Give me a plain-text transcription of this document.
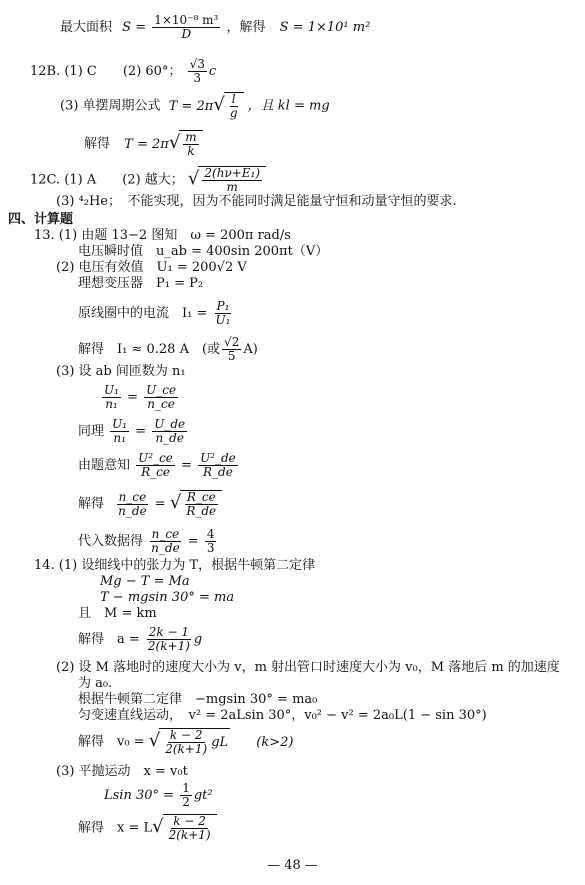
最大面积 $S = \frac{\text{1×10⁻⁸ m³}}{D}$ ，解得 S = 1×10¹ m²
12B. (1) C　　(2) 60°； $\frac{√3}{3}$ c
(3) 单摆周期公式 T = 2π √ $\frac{l}{g}$ ，且 kl = mg
解得 T = 2π √ $\frac{m}{k}$
12C. (1) A　　(2) 越大； √ $\frac{\text{2(hν+E₁)}}{m}$
(3) ⁴₂He；　不能实现，因为不能同时满足能量守恒和动量守恒的要求.
四、计算题
13. (1) 由题 13−2 图知　ω = 200π rad/s
电压瞬时值　u_ab = 400sin 200πt（V）
(2) 电压有效值　U₁ = 200√2 V
理想变压器　P₁ = P₂
原线圈中的电流　$I_1 = \frac{\text{P₁}}{\text{U₁}}$
解得　I₁ ≈ 0.28 A　(或 $\frac{√2}{5} A$)
(3) 设 ab 间匝数为 n₁
$\frac{\text{U₁}}{\text{n₁}} = \frac{U\_ce}{n\_ce}$
同理 $\frac{\text{U₁}}{\text{n₁}} = \frac{U\_de}{n\_de}$
由题意知 $\frac{\text{U²\_ce}}{R\_ce} = \frac{\text{U²\_de}}{R\_de}$
解得 $\frac{n\_ce}{n\_de}$ = √ $\frac{R\_ce}{R\_de}$
代入数据得 $\frac{n\_ce}{n\_de} = \frac{4}{3}$
14. (1) 设细线中的张力为 T，根据牛顿第二定律
Mg − T = Ma
T − mgsin 30° = ma
且　M = km
解得　$a = \frac{2k - 1}{2(k+1)}$ g
(2) 设 M 落地时的速度大小为 v，m 射出管口时速度大小为 v₀，M 落地后 m 的加速度
为 a₀.
根据牛顿第二定律　−mgsin 30° = ma₀
匀变速直线运动，　v² = 2aLsin 30°，v₀² − v² = 2a₀L(1 − sin 30°)
解得　v₀ = √ $\frac{k - 2}{2(k+1)}$ gL (k>2)
(3) 平抛运动　x = v₀t
Lsin $30^\circ = \frac{1}{2} gt^2$
解得　x = L √ $\frac{k - 2}{2(k+1)}$
— 48 —
